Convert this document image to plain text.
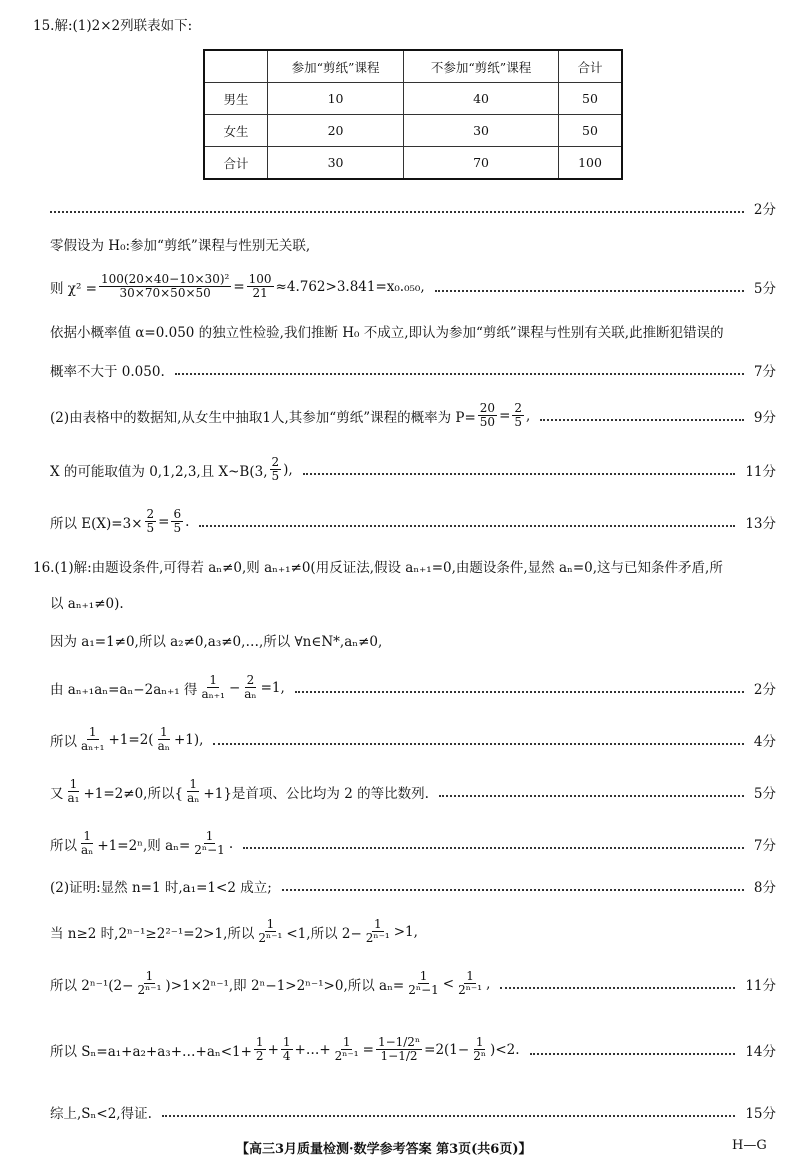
15.解:(1)2×2列联表如下:
	参加“剪纸”课程	不参加“剪纸”课程	合计
男生	10	40	50
女生	20	30	50
合计	30	70	100
2分
零假设为 H₀:参加“剪纸”课程与性别无关联,
则 $\chi^2 = \frac{\text{100(20×40−10×30)²}}{30\times 70\times 50\times 50} = \frac{100}{21} \approx 4.762>3.841=x_0._{050}$,	5分
依据小概率值 α=0.050 的独立性检验,我们推断 H₀ 不成立,即认为参加“剪纸”课程与性别有关联,此推断犯错误的
概率不大于 0.050.	7分
(2)由表格中的数据知,从女生中抽取1人,其参加“剪纸”课程的概率为 $P= \frac{20}{50} = \frac{2}{5}$ ,	9分
X 的可能取值为 0,1,2,3,且 X~B(3, $\frac{2}{5}$ ),	11分
所以 $E(X)=3\times \frac{2}{5} = \frac{6}{5}$ .	13分
16.(1)解:由题设条件,可得若 aₙ≠0,则 aₙ₊₁≠0(用反证法,假设 aₙ₊₁=0,由题设条件,显然 aₙ=0,这与已知条件矛盾,所
以 aₙ₊₁≠0).
因为 a₁=1≠0,所以 a₂≠0,a₃≠0,…,所以 ∀n∈N*,aₙ≠0,
由 aₙ₊₁aₙ=aₙ−2aₙ₊₁ 得 $\frac{1}{\text{aₙ₊₁}} - \frac{2}{\text{aₙ}} =1$,	2分
所以 $\frac{1}{\text{aₙ₊₁}} +1=2( \frac{1}{\text{aₙ}} +1)$,	4分
又 $\frac{1}{\text{a₁}} +1=2\ne 0$,所以{ $\frac{1}{\text{aₙ}} +1$}是首项、公比均为 2 的等比数列.	5分
所以 $\frac{1}{\text{aₙ}} +1=2^n$,则 $a_n= \frac{1}{\text{2ⁿ−1}}$ .	7分
(2)证明:显然 n=1 时,a₁=1<2 成立;	8分
当 n≥2 时,2ⁿ⁻¹≥2²⁻¹=2>1,所以 $\frac{1}{\text{2ⁿ⁻¹}} <1$,所以 $2- \frac{1}{\text{2ⁿ⁻¹}} >1$,
所以 $2^{n-1}(2- \frac{1}{\text{2ⁿ⁻¹}} )>1\times 2^{n-1}$,即 2ⁿ−1>2ⁿ⁻¹>0,所以 $a_n= \frac{1}{\text{2ⁿ−1}} < \frac{1}{\text{2ⁿ⁻¹}}$ ,	11分
所以 Sₙ=a₁+a₂+a₃+…+aₙ<1+ $\frac{1}{2} + \frac{1}{4}$ +…+ $\frac{1}{\text{2ⁿ⁻¹}} = \frac{\text{1−1/2ⁿ}}{1-1/2} =2(1- \frac{1}{\text{2ⁿ}} )<2$.	14分
综上,Sₙ<2,得证.	15分
【高三3月质量检测·数学参考答案 第3页(共6页)】	H—G
